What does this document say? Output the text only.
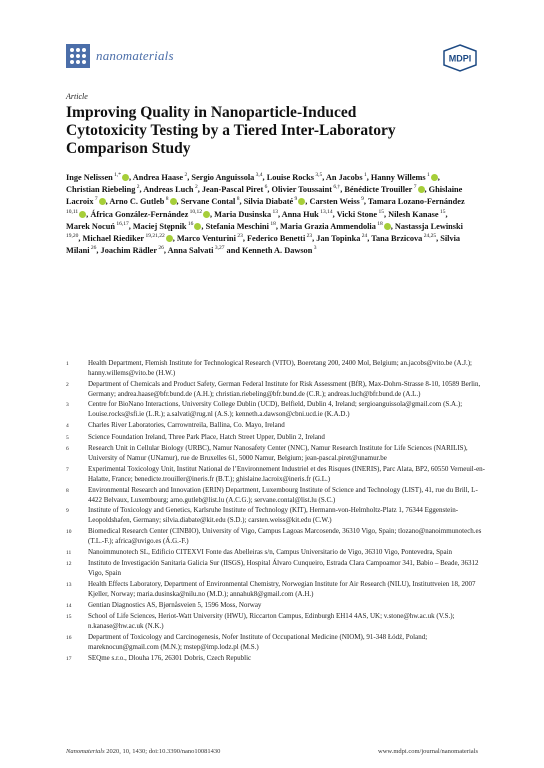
nanomaterials	MDPI
Article
Improving Quality in Nanoparticle-Induced Cytotoxicity Testing by a Tiered Inter-Laboratory Comparison Study
Inge Nelissen $^{1,*}$ , Andrea Haase $^2$, Sergio Anguissola $^{3,4}$, Louise Rocks $^{3,5}$, An Jacobs $^1$, Hanny Willems $^1$ , Christian Riebeling $^2$, Andreas Luch $^2$, Jean-Pascal Piret $^6$, Olivier Toussaint $^{6,\dagger}$, Bénédicte Trouiller $^7$ , Ghislaine Lacroix $^7$ , Arno C. Gutleb $^8$ , Servane Contal $^8$, Silvia Diabaté $^9$ , Carsten Weiss $^9$, Tamara Lozano-Fernández $^{10,11}$ , África González-Fernández $^{10,12}$ , Maria Dusinska $^{13}$, Anna Huk $^{13,14}$, Vicki Stone $^{15}$, Nilesh Kanase $^{15}$, Marek Nocuń $^{16,17}$, Maciej Stępnik $^{16}$ , Stefania Meschini $^{18}$, Maria Grazia Ammendolia $^{18}$ , Nastassja Lewinski $^{19,20}$, Michael Riediker $^{19,21,22}$ , Marco Venturini $^{23}$, Federico Benetti $^{23}$, Jan Topinka $^{24}$, Tana Brzicova $^{24,25}$, Silvia Milani $^{26}$, Joachim Rädler $^{26}$, Anna Salvati $^{3,27}$ and Kenneth A. Dawson $^3$
1	Health Department, Flemish Institute for Technological Research (VITO), Boeretang 200, 2400 Mol, Belgium; an.jacobs@vito.be (A.J.); hanny.willems@vito.be (H.W.)
2	Department of Chemicals and Product Safety, German Federal Institute for Risk Assessment (BfR), Max-Dohrn-Strasse 8-10, 10589 Berlin, Germany; andrea.haase@bfr.bund.de (A.H.); christian.riebeling@bfr.bund.de (C.R.); andreas.luch@bfr.bund.de (A.L.)
3	Centre for BioNano Interactions, University College Dublin (UCD), Belfield, Dublin 4, Ireland; sergioanguissola@gmail.com (S.A.); Louise.rocks@sfi.ie (L.R.); a.salvati@rug.nl (A.S.); kenneth.a.dawson@cbni.ucd.ie (K.A.D.)
4	Charles River Laboratories, Carrowntreila, Ballina, Co. Mayo, Ireland
5	Science Foundation Ireland, Three Park Place, Hatch Street Upper, Dublin 2, Ireland
6	Research Unit in Cellular Biology (URBC), Namur Nanosafety Center (NNC), Namur Research Institute for Life Sciences (NARILIS), University of Namur (UNamur), rue de Bruxelles 61, 5000 Namur, Belgium; jean-pascal.piret@unamur.be
7	Experimental Toxicology Unit, Institut National de l’Environnement Industriel et des Risques (INERIS), Parc Alata, BP2, 60550 Verneuil-en-Halatte, France; benedicte.trouiller@ineris.fr (B.T.); ghislaine.lacroix@ineris.fr (G.L.)
8	Environmental Research and Innovation (ERIN) Department, Luxembourg Institute of Science and Technology (LIST), 41, rue du Brill, L-4422 Belvaux, Luxembourg; arno.gutleb@list.lu (A.C.G.); servane.contal@list.lu (S.C.)
9	Institute of Toxicology and Genetics, Karlsruhe Institute of Technology (KIT), Hermann-von-Helmholtz-Platz 1, 76344 Eggenstein-Leopoldshafen, Germany; silvia.diabate@kit.edu (S.D.); carsten.weiss@kit.edu (C.W.)
10	Biomedical Research Center (CINBIO), University of Vigo, Campus Lagoas Marcosende, 36310 Vigo, Spain; tlozano@nanoimmunotech.es (T.L.-F.); africa@uvigo.es (Á.G.-F.)
11	Nanoimmunotech SL, Edificio CITEXVI Fonte das Abelleiras s/n, Campus Universitario de Vigo, 36310 Vigo, Pontevedra, Spain
12	Instituto de Investigación Sanitaria Galicia Sur (IISGS), Hospital Álvaro Cunqueiro, Estrada Clara Campoamor 341, Babio – Beade, 36312 Vigo, Spain
13	Health Effects Laboratory, Department of Environmental Chemistry, Norwegian Institute for Air Research (NILU), Instituttveien 18, 2007 Kjeller, Norway; maria.dusinska@nilu.no (M.D.); annahuk8@gmail.com (A.H.)
14	Gentian Diagnostics AS, Bjørnåsveien 5, 1596 Moss, Norway
15	School of Life Sciences, Heriot-Watt University (HWU), Riccarton Campus, Edinburgh EH14 4AS, UK; v.stone@hw.ac.uk (V.S.); n.kanase@hw.ac.uk (N.K.)
16	Department of Toxicology and Carcinogenesis, Nofer Institute of Occupational Medicine (NIOM), 91-348 Łódź, Poland; mareknocun@gmail.com (M.N.); mstep@imp.lodz.pl (M.S.)
17	SEQme s.r.o., Dlouha 176, 26301 Dobris, Czech Republic
Nanomaterials 2020, 10, 1430; doi:10.3390/nano10081430	www.mdpi.com/journal/nanomaterials
